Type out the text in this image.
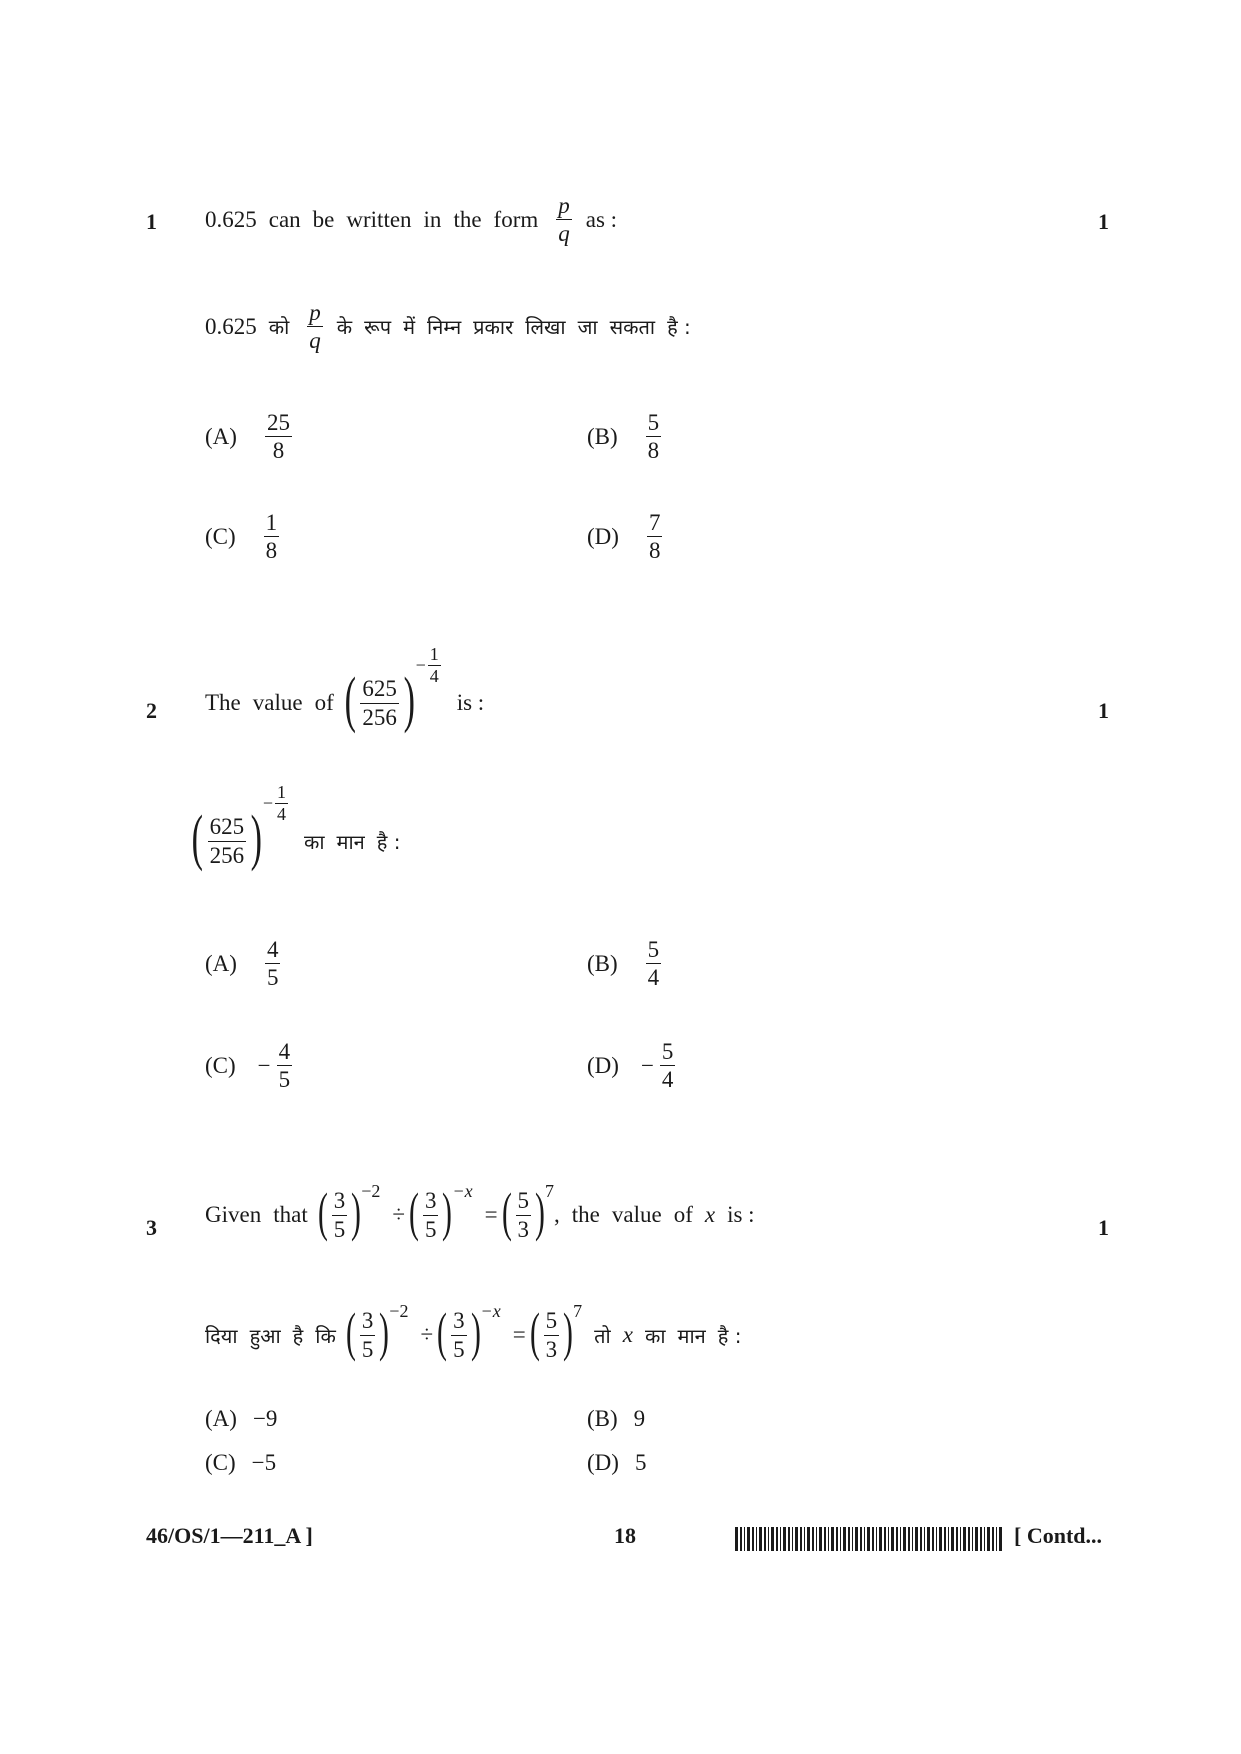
1	1
0.625 can be written in the form $\frac{p}{q}$ as :
0.625 को $\frac{p}{q}$ के रूप में निम्न प्रकार लिखा जा सकता है :
$(A) \frac{25}{8}$	$(B) \frac{5}{8}$
$(C) \frac{1}{8}$	$(D) \frac{7}{8}$
2	1
The value of ( $\frac{625}{256}$ )
− $\frac{1}{4}$
is :
( $\frac{625}{256}$ )
− $\frac{1}{4}$
का मान है :
$(A) \frac{4}{5}$	$(B) \frac{5}{4}$
$(C) - \frac{4}{5}$	$(D) - \frac{5}{4}$
3	1
Given that ( $\frac{3}{5}$ ) −2
÷ ( $\frac{3}{5}$ ) −x
= ( $\frac{5}{3}$ ) 7
, the value of x is :
दिया हुआ है कि ( $\frac{3}{5}$ ) −2
÷ ( $\frac{3}{5}$ ) −x
= ( $\frac{5}{3}$ ) 7
तो x का मान है :
(A) −9	(B) 9
(C) −5	(D) 5
46/OS/1—211_A ]	18	[ Contd...
